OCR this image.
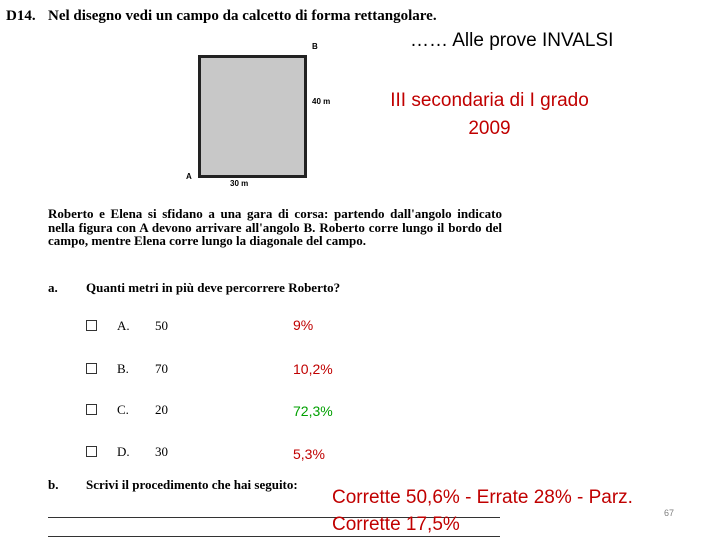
D14. Nel disegno vedi un campo da calcetto di forma rettangolare.
…… Alle prove INVALSI
III secondaria di I grado
2009
B
40 m
A
30 m
Roberto e Elena si sfidano a una gara di corsa: partendo dall'angolo indicato nella figura con A devono arrivare all'angolo B. Roberto corre lungo il bordo del campo, mentre Elena corre lungo la diagonale del campo.
a. Quanti metri in più deve percorrere Roberto?
A. 50	9%
B. 70	10,2%
C. 20	72,3%
D. 30	5,3%
b. Scrivi il procedimento che hai seguito:
Corrette 50,6% - Errate 28% - Parz.
Corrette 17,5%
67
